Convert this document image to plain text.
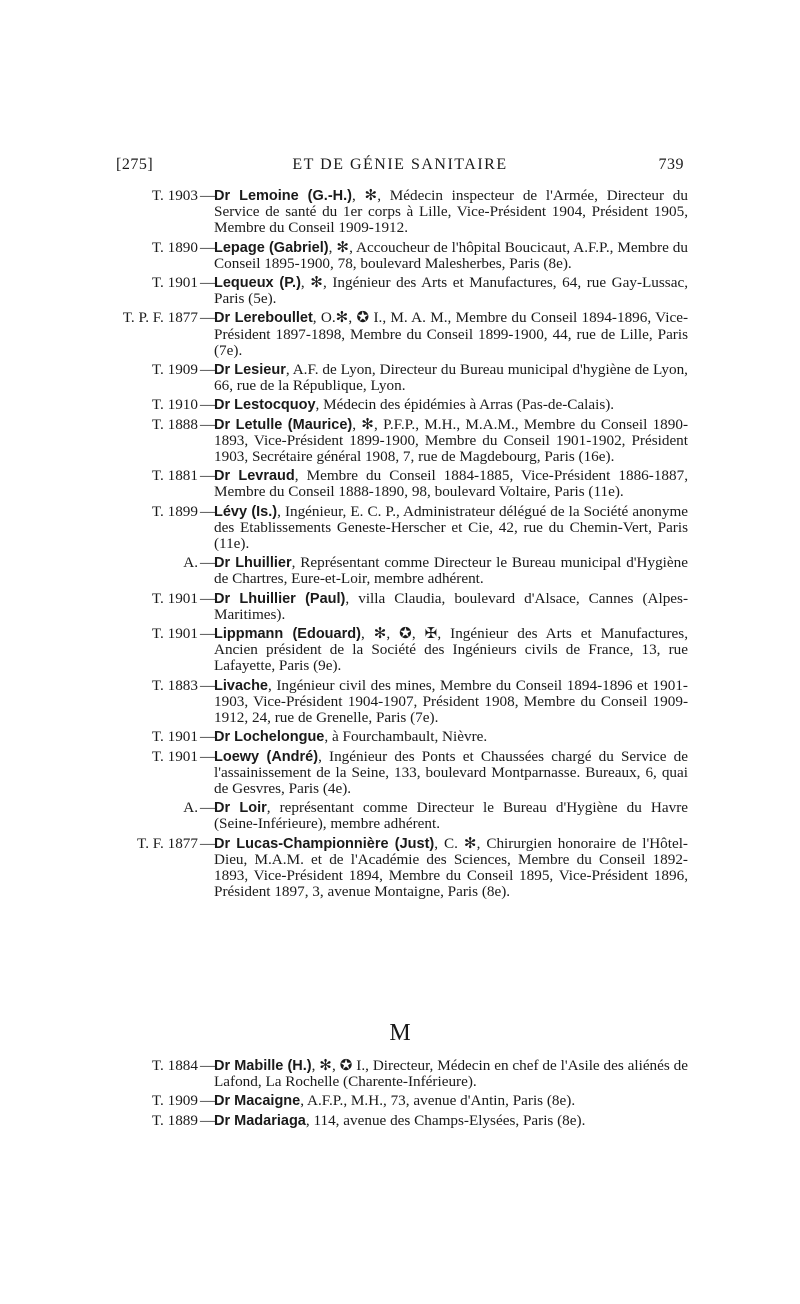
[275]	ET DE GÉNIE SANITAIRE	739
T. 1903 —
Dr Lemoine (G.-H.), ✻, Médecin inspecteur de l'Armée, Directeur du Service de santé du 1er corps à Lille, Vice-Président 1904, Président 1905, Membre du Conseil 1909-1912.
T. 1890 —
Lepage (Gabriel), ✻, Accoucheur de l'hôpital Boucicaut, A.F.P., Membre du Conseil 1895-1900, 78, boulevard Malesherbes, Paris (8e).
T. 1901 —
Lequeux (P.), ✻, Ingénieur des Arts et Manufactures, 64, rue Gay-Lussac, Paris (5e).
T. P. F. 1877 —
Dr Lereboullet, O.✻, ✪ I., M. A. M., Membre du Conseil 1894-1896, Vice-Président 1897-1898, Membre du Conseil 1899-1900, 44, rue de Lille, Paris (7e).
T. 1909 —
Dr Lesieur, A.F. de Lyon, Directeur du Bureau municipal d'hygiène de Lyon, 66, rue de la République, Lyon.
T. 1910 —
Dr Lestocquoy, Médecin des épidémies à Arras (Pas-de-Calais).
T. 1888 —
Dr Letulle (Maurice), ✻, P.F.P., M.H., M.A.M., Membre du Conseil 1890-1893, Vice-Président 1899-1900, Membre du Conseil 1901-1902, Président 1903, Secrétaire général 1908, 7, rue de Magdebourg, Paris (16e).
T. 1881 —
Dr Levraud, Membre du Conseil 1884-1885, Vice-Président 1886-1887, Membre du Conseil 1888-1890, 98, boulevard Voltaire, Paris (11e).
T. 1899 —
Lévy (Is.), Ingénieur, E. C. P., Administrateur délégué de la Société anonyme des Etablissements Geneste-Herscher et Cie, 42, rue du Chemin-Vert, Paris (11e).
A. —
Dr Lhuillier, Représentant comme Directeur le Bureau municipal d'Hygiène de Chartres, Eure-et-Loir, membre adhérent.
T. 1901 —
Dr Lhuillier (Paul), villa Claudia, boulevard d'Alsace, Cannes (Alpes-Maritimes).
T. 1901 —
Lippmann (Edouard), ✻, ✪, ✠, Ingénieur des Arts et Manufactures, Ancien président de la Société des Ingénieurs civils de France, 13, rue Lafayette, Paris (9e).
T. 1883 —
Livache, Ingénieur civil des mines, Membre du Conseil 1894-1896 et 1901-1903, Vice-Président 1904-1907, Président 1908, Membre du Conseil 1909-1912, 24, rue de Grenelle, Paris (7e).
T. 1901 —
Dr Lochelongue, à Fourchambault, Nièvre.
T. 1901 —
Loewy (André), Ingénieur des Ponts et Chaussées chargé du Service de l'assainissement de la Seine, 133, boulevard Montparnasse. Bureaux, 6, quai de Gesvres, Paris (4e).
A. —
Dr Loir, représentant comme Directeur le Bureau d'Hygiène du Havre (Seine-Inférieure), membre adhérent.
T. F. 1877 —
Dr Lucas-Championnière (Just), C. ✻, Chirurgien honoraire de l'Hôtel-Dieu, M.A.M. et de l'Académie des Sciences, Membre du Conseil 1892-1893, Vice-Président 1894, Membre du Conseil 1895, Vice-Président 1896, Président 1897, 3, avenue Montaigne, Paris (8e).
M
T. 1884 —
Dr Mabille (H.), ✻, ✪ I., Directeur, Médecin en chef de l'Asile des aliénés de Lafond, La Rochelle (Charente-Inférieure).
T. 1909 —
Dr Macaigne, A.F.P., M.H., 73, avenue d'Antin, Paris (8e).
T. 1889 —
Dr Madariaga, 114, avenue des Champs-Elysées, Paris (8e).
